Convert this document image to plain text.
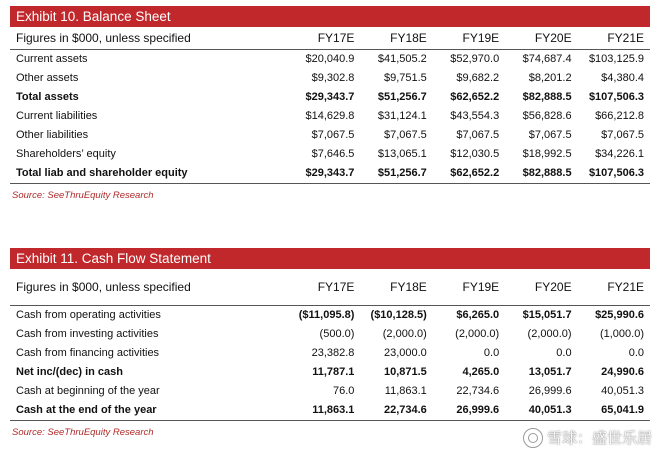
Exhibit 10. Balance Sheet
Figures in $000, unless specified	FY17E	FY18E	FY19E	FY20E	FY21E
Current assets	$20,040.9	$41,505.2	$52,970.0	$74,687.4	$103,125.9
Other assets	$9,302.8	$9,751.5	$9,682.2	$8,201.2	$4,380.4
Total assets	$29,343.7	$51,256.7	$62,652.2	$82,888.5	$107,506.3
Current liabilities	$14,629.8	$31,124.1	$43,554.3	$56,828.6	$66,212.8
Other liabilities	$7,067.5	$7,067.5	$7,067.5	$7,067.5	$7,067.5
Shareholders’ equity	$7,646.5	$13,065.1	$12,030.5	$18,992.5	$34,226.1
Total liab and shareholder equity	$29,343.7	$51,256.7	$62,652.2	$82,888.5	$107,506.3
Source: SeeThruEquity Research
Exhibit 11. Cash Flow Statement
Figures in $000, unless specified	FY17E	FY18E	FY19E	FY20E	FY21E
Cash from operating activities	($11,095.8)	($10,128.5)	$6,265.0	$15,051.7	$25,990.6
Cash from investing activities	(500.0)	(2,000.0)	(2,000.0)	(2,000.0)	(1,000.0)
Cash from financing activities	23,382.8	23,000.0	0.0	0.0	0.0
Net inc/(dec) in cash	11,787.1	10,871.5	4,265.0	13,051.7	24,990.6
Cash at beginning of the year	76.0	11,863.1	22,734.6	26,999.6	40,051.3
Cash at the end of the year	11,863.1	22,734.6	26,999.6	40,051.3	65,041.9
Source: SeeThruEquity Research	雪球：盛世乐居
